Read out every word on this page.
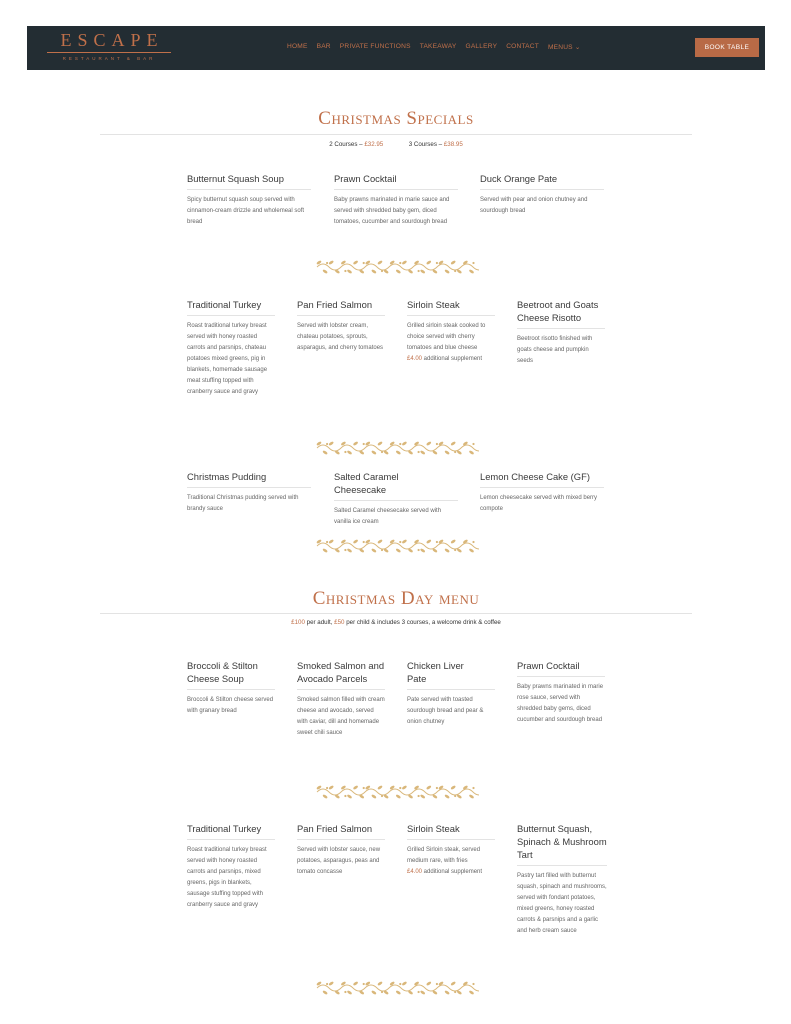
ESCAPE
RESTAURANT & BAR
HOME BAR PRIVATE FUNCTIONS TAKEAWAY GALLERY CONTACT MENUS ⌄	BOOK TABLE
Christmas Specials
2 Courses – £32.95	3 Courses – £38.95
Butternut Squash Soup
Spicy butternut squash soup served with cinnamon-cream drizzle and wholemeal soft bread
Prawn Cocktail
Baby prawns marinated in marie sauce and served with shredded baby gem, diced tomatoes, cucumber and sourdough bread
Duck Orange Pate
Served with pear and onion chutney and sourdough bread
Traditional Turkey
Roast traditional turkey breast served with honey roasted carrots and parsnips, chateau potatoes mixed greens, pig in blankets, homemade sausage meat stuffing topped with cranberry sauce and gravy
Pan Fried Salmon
Served with lobster cream, chateau potatoes, sprouts, asparagus, and cherry tomatoes
Sirloin Steak
Grilled sirloin steak cooked to choice served with cherry tomatoes and blue cheese
£4.00 additional supplement
Beetroot and Goats Cheese Risotto
Beetroot risotto finished with goats cheese and pumpkin seeds
Christmas Pudding
Traditional Christmas pudding served with brandy sauce
Salted Caramel Cheesecake
Salted Caramel cheesecake served with vanilla ice cream
Lemon Cheese Cake (GF)
Lemon cheesecake served with mixed berry compote
Christmas Day menu
£100 per adult, £50 per child & includes 3 courses, a welcome drink & coffee
Broccoli & Stilton Cheese Soup
Broccoli & Stilton cheese served with granary bread
Smoked Salmon and Avocado Parcels
Smoked salmon filled with cream cheese and avocado, served with caviar, dill and homemade sweet chili sauce
Chicken Liver Pate
Pate served with toasted sourdough bread and pear & onion chutney
Prawn Cocktail
Baby prawns marinated in marie rose sauce, served with shredded baby gems, diced cucumber and sourdough bread
Traditional Turkey
Roast traditional turkey breast served with honey roasted carrots and parsnips, mixed greens, pigs in blankets, sausage stuffing topped with cranberry sauce and gravy
Pan Fried Salmon
Served with lobster sauce, new potatoes, asparagus, peas and tomato concasse
Sirloin Steak
Grilled Sirloin steak, served medium rare, with fries
£4.00 additional supplement
Butternut Squash, Spinach & Mushroom Tart
Pastry tart filled with butternut squash, spinach and mushrooms, served with fondant potatoes, mixed greens, honey roasted carrots & parsnips and a garlic and herb cream sauce
